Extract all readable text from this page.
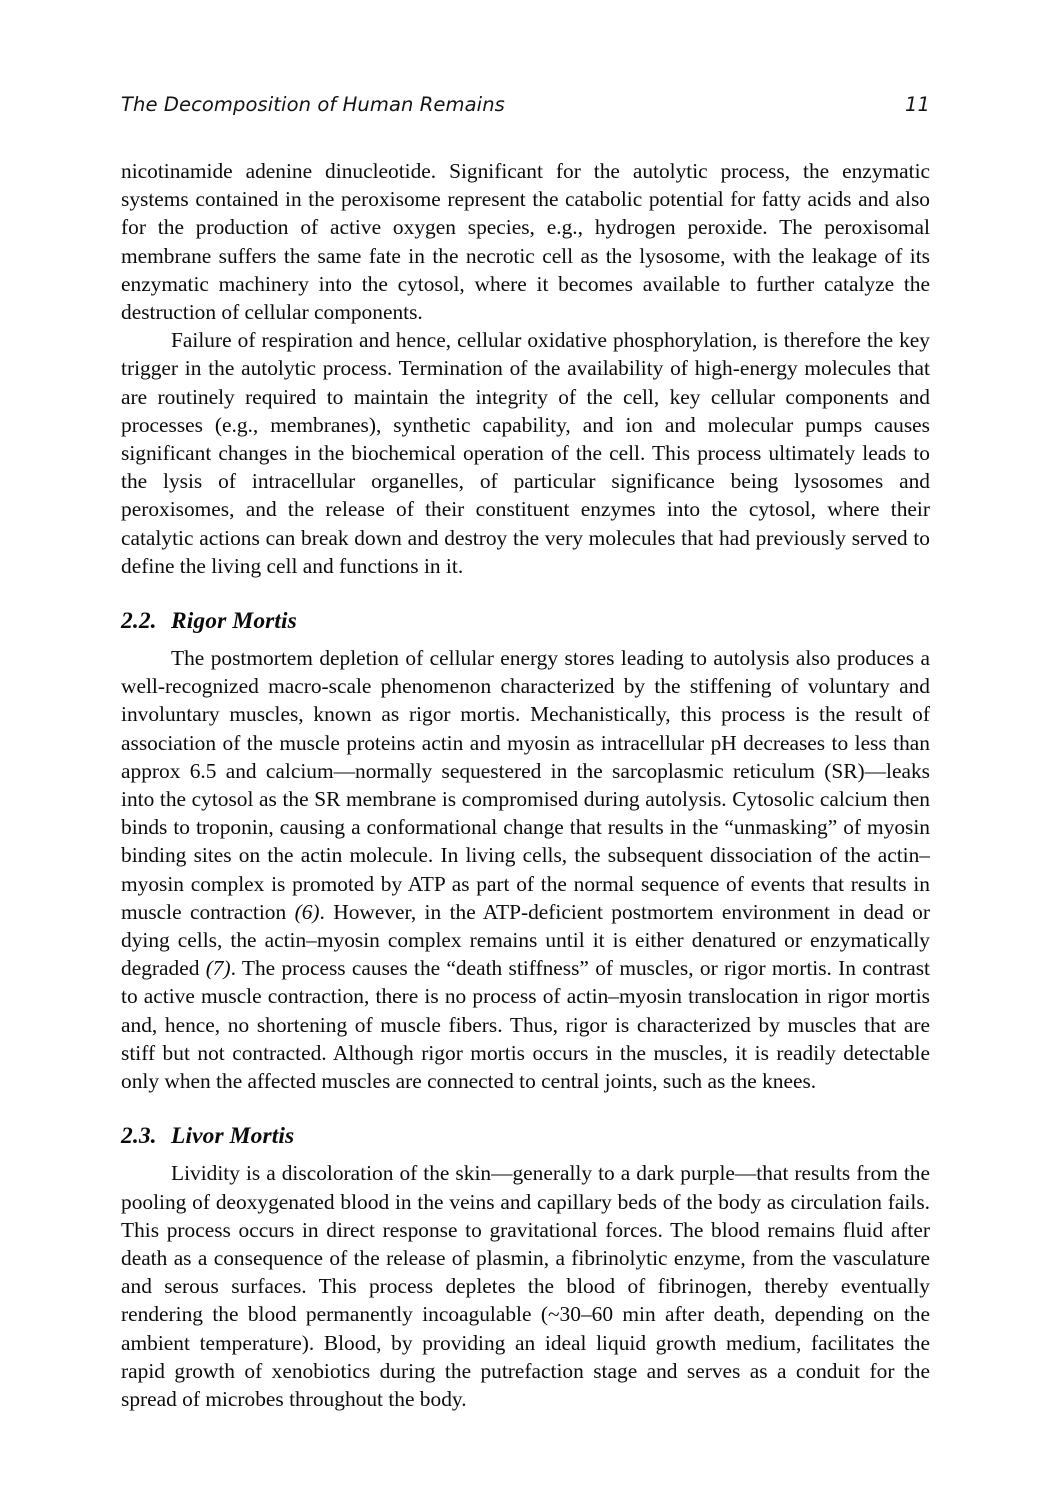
The Decomposition of Human Remains	11

nicotinamide adenine dinucleotide. Significant for the autolytic process, the enzymatic systems contained in the peroxisome represent the catabolic potential for fatty acids and also for the production of active oxygen species, e.g., hydrogen peroxide. The peroxisomal membrane suffers the same fate in the necrotic cell as the lysosome, with the leakage of its enzymatic machinery into the cytosol, where it becomes available to further catalyze the destruction of cellular components.

Failure of respiration and hence, cellular oxidative phosphorylation, is therefore the key trigger in the autolytic process. Termination of the availability of high-energy molecules that are routinely required to maintain the integrity of the cell, key cellular components and processes (e.g., membranes), synthetic capability, and ion and molecular pumps causes significant changes in the biochemical operation of the cell. This process ultimately leads to the lysis of intracellular organelles, of particular significance being lysosomes and peroxisomes, and the release of their constituent enzymes into the cytosol, where their catalytic actions can break down and destroy the very molecules that had previously served to define the living cell and functions in it.

2.2. Rigor Mortis

The postmortem depletion of cellular energy stores leading to autolysis also produces a well-recognized macro-scale phenomenon characterized by the stiffening of voluntary and involuntary muscles, known as rigor mortis. Mechanistically, this process is the result of association of the muscle proteins actin and myosin as intracellular pH decreases to less than approx 6.5 and calcium—normally sequestered in the sarcoplasmic reticulum (SR)—leaks into the cytosol as the SR membrane is compromised during autolysis. Cytosolic calcium then binds to troponin, causing a conformational change that results in the “unmasking” of myosin binding sites on the actin molecule. In living cells, the subsequent dissociation of the actin–myosin complex is promoted by ATP as part of the normal sequence of events that results in muscle contraction (6). However, in the ATP-deficient postmortem environment in dead or dying cells, the actin–myosin complex remains until it is either denatured or enzymatically degraded (7). The process causes the “death stiffness” of muscles, or rigor mortis. In contrast to active muscle contraction, there is no process of actin–myosin translocation in rigor mortis and, hence, no shortening of muscle fibers. Thus, rigor is characterized by muscles that are stiff but not contracted. Although rigor mortis occurs in the muscles, it is readily detectable only when the affected muscles are connected to central joints, such as the knees.

2.3. Livor Mortis

Lividity is a discoloration of the skin—generally to a dark purple—that results from the pooling of deoxygenated blood in the veins and capillary beds of the body as circulation fails. This process occurs in direct response to gravitational forces. The blood remains fluid after death as a consequence of the release of plasmin, a fibrinolytic enzyme, from the vasculature and serous surfaces. This process depletes the blood of fibrinogen, thereby eventually rendering the blood permanently incoagulable (~30–60 min after death, depending on the ambient temperature). Blood, by providing an ideal liquid growth medium, facilitates the rapid growth of xenobiotics during the putrefaction stage and serves as a conduit for the spread of microbes throughout the body.
